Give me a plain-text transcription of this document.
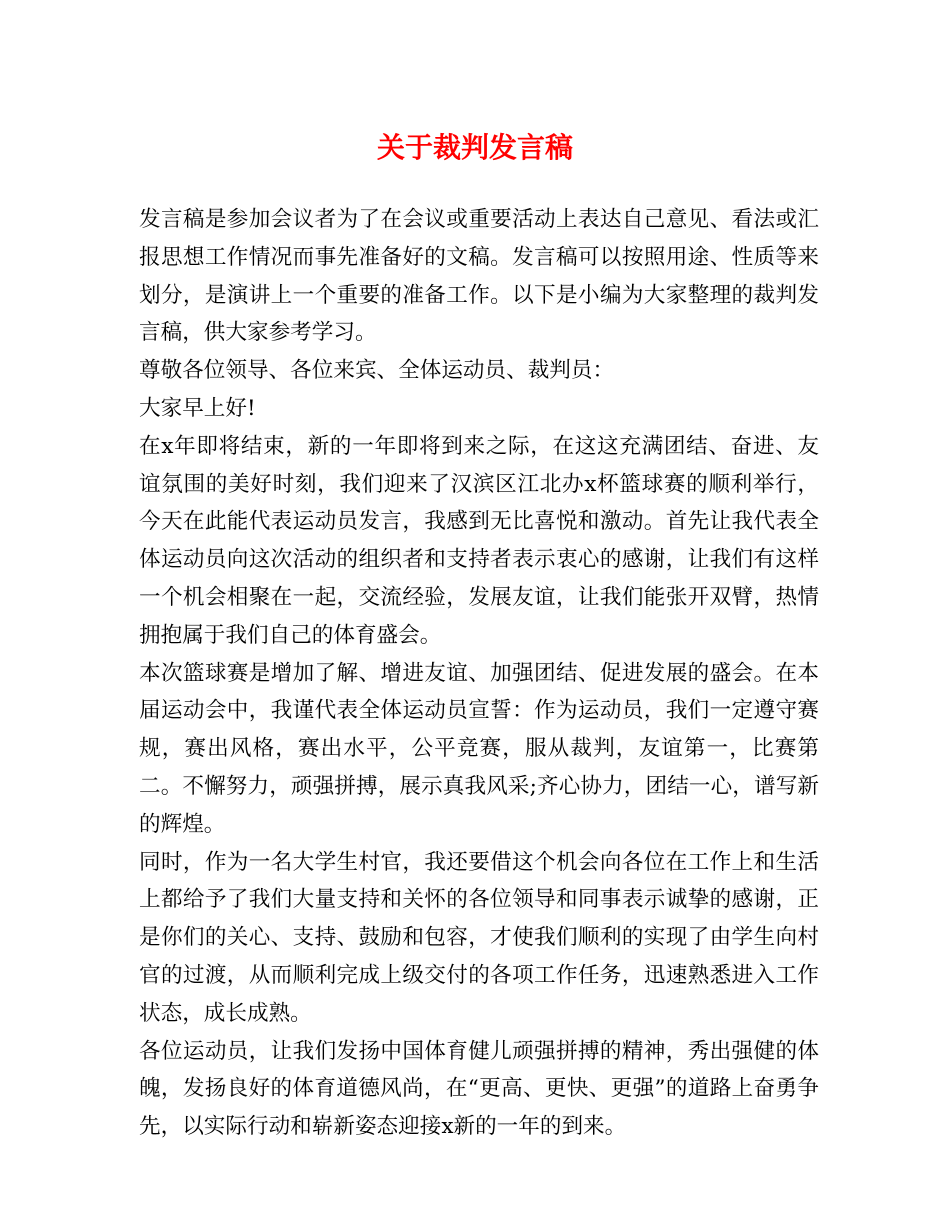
关于裁判发言稿

发言稿是参加会议者为了在会议或重要活动上表达自己意见、看法或汇报思想工作情况而事先准备好的文稿。发言稿可以按照用途、性质等来划分，是演讲上一个重要的准备工作。以下是小编为大家整理的裁判发言稿，供大家参考学习。

尊敬各位领导、各位来宾、全体运动员、裁判员：

大家早上好!

在x年即将结束，新的一年即将到来之际，在这这充满团结、奋进、友谊氛围的美好时刻，我们迎来了汉滨区江北办x杯篮球赛的顺利举行，今天在此能代表运动员发言，我感到无比喜悦和激动。首先让我代表全体运动员向这次活动的组织者和支持者表示衷心的感谢，让我们有这样一个机会相聚在一起，交流经验，发展友谊，让我们能张开双臂，热情拥抱属于我们自己的体育盛会。

本次篮球赛是增加了解、增进友谊、加强团结、促进发展的盛会。在本届运动会中，我谨代表全体运动员宣誓：作为运动员，我们一定遵守赛规，赛出风格，赛出水平，公平竞赛，服从裁判，友谊第一，比赛第二。不懈努力，顽强拼搏，展示真我风采;齐心协力，团结一心，谱写新的辉煌。

同时，作为一名大学生村官，我还要借这个机会向各位在工作上和生活上都给予了我们大量支持和关怀的各位领导和同事表示诚挚的感谢，正是你们的关心、支持、鼓励和包容，才使我们顺利的实现了由学生向村官的过渡，从而顺利完成上级交付的各项工作任务，迅速熟悉进入工作状态，成长成熟。

各位运动员，让我们发扬中国体育健儿顽强拼搏的精神，秀出强健的体魄，发扬良好的体育道德风尚，在“更高、更快、更强”的道路上奋勇争先，以实际行动和崭新姿态迎接x新的一年的到来。
